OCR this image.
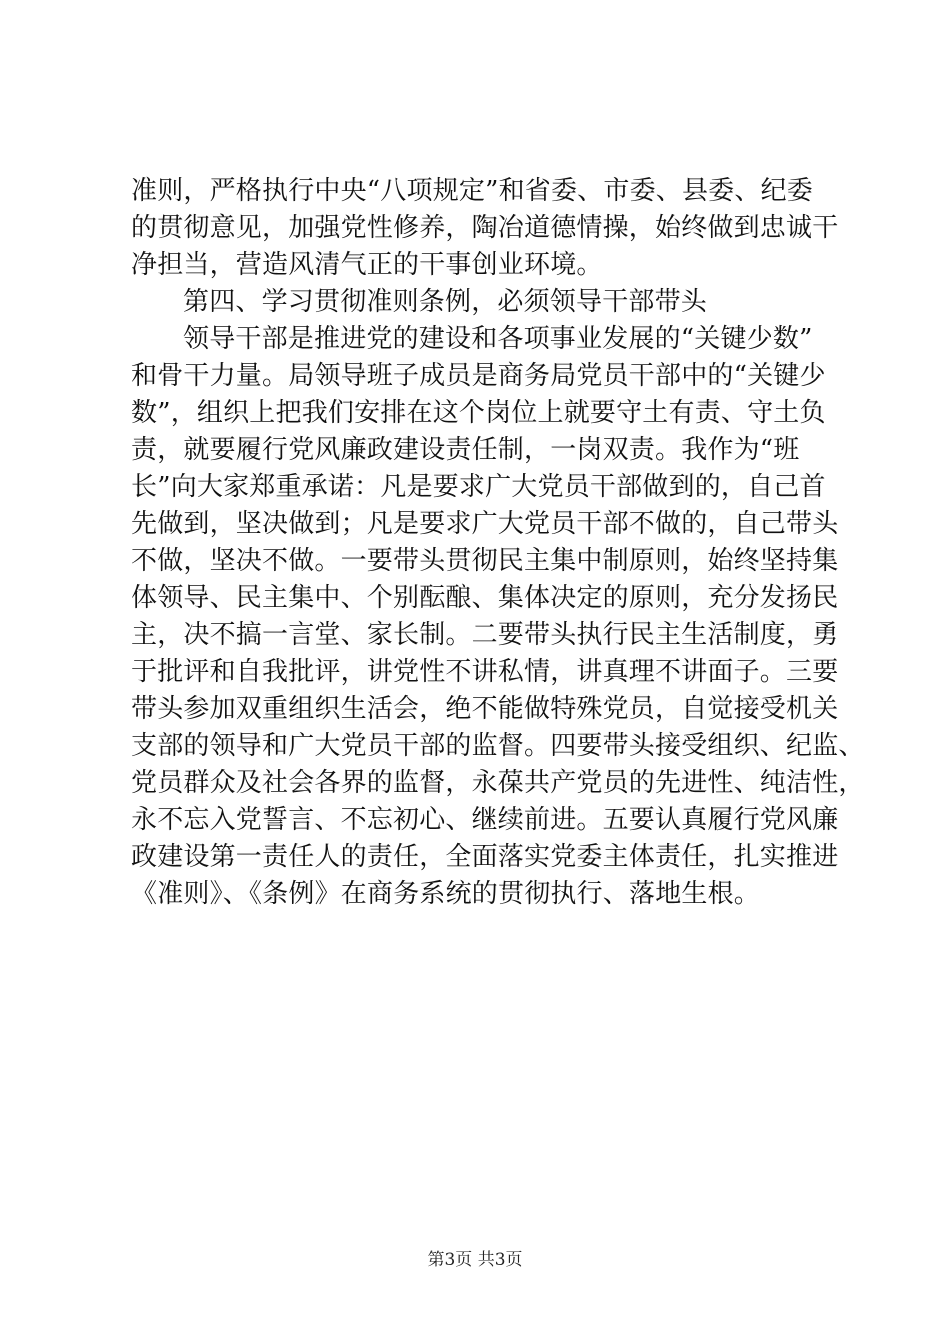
准则，严格执行中央“八项规定”和省委、市委、县委、纪委
的贯彻意见，加强党性修养，陶冶道德情操，始终做到忠诚干
净担当，营造风清气正的干事创业环境。
第四、学习贯彻准则条例，必须领导干部带头
领导干部是推进党的建设和各项事业发展的“关键少数”
和骨干力量。局领导班子成员是商务局党员干部中的“关键少
数”，组织上把我们安排在这个岗位上就要守土有责、守土负
责，就要履行党风廉政建设责任制，一岗双责。我作为“班
长”向大家郑重承诺：凡是要求广大党员干部做到的，自己首
先做到，坚决做到；凡是要求广大党员干部不做的，自己带头
不做，坚决不做。一要带头贯彻民主集中制原则，始终坚持集
体领导、民主集中、个别酝酿、集体决定的原则，充分发扬民
主，决不搞一言堂、家长制。二要带头执行民主生活制度，勇
于批评和自我批评，讲党性不讲私情，讲真理不讲面子。三要
带头参加双重组织生活会，绝不能做特殊党员，自觉接受机关
支部的领导和广大党员干部的监督。四要带头接受组织、纪监、
党员群众及社会各界的监督，永葆共产党员的先进性、纯洁性，
永不忘入党誓言、不忘初心、继续前进。五要认真履行党风廉
政建设第一责任人的责任，全面落实党委主体责任，扎实推进
《准则》、《条例》在商务系统的贯彻执行、落地生根。
第3页 共3页
